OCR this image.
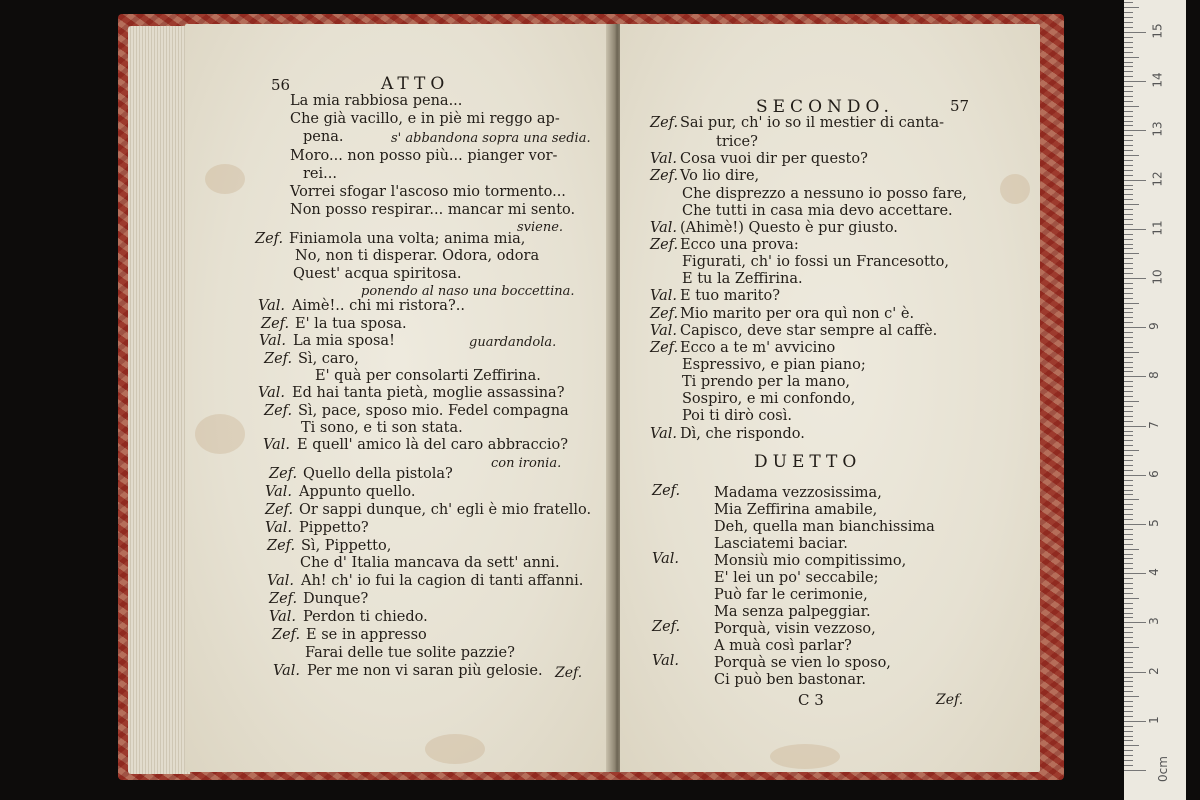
56	ATTO
La mia rabbiosa pena...
Che già vacillo, e in piè mi reggo ap-
pena.	s' abbandona sopra una sedia.
Moro... non posso più... pianger vor-
rei...
Vorrei sfogar l'ascoso mio tormento...
Non posso respirar... mancar mi sento.
sviene.
Zef. Finiamola una volta; anima mia,
No, non ti disperar. Odora, odora
Quest' acqua spiritosa.
ponendo al naso una boccettina.
Val. Aimè!.. chi mi ristora?..
Zef. E' la tua sposa.
Val. La mia sposa!	guardandola.
Zef. Sì, caro,
E' quà per consolarti Zeffirina.
Val. Ed hai tanta pietà, moglie assassina?
Zef. Sì, pace, sposo mio. Fedel compagna
Ti sono, e ti son stata.
Val. E quell' amico là del caro abbraccio?
con ironia.
Zef. Quello della pistola?
Val. Appunto quello.
Zef. Or sappi dunque, ch' egli è mio fratello.
Val. Pippetto?
Zef. Sì, Pippetto,
Che d' Italia mancava da sett' anni.
Val. Ah! ch' io fui la cagion di tanti affanni.
Zef. Dunque?
Val. Perdon ti chiedo.
Zef. E se in appresso
Farai delle tue solite pazzie?
Val. Per me non vi saran più gelosie. Zef.
SECONDO.	57
Zef. Sai pur, ch' io so il mestier di canta-
trice?
Val. Cosa vuoi dir per questo?
Zef. Vo lio dire,
Che disprezzo a nessuno io posso fare,
Che tutti in casa mia devo accettare.
Val. (Ahimè!) Questo è pur giusto.
Zef. Ecco una prova:
Figurati, ch' io fossi un Francesotto,
E tu la Zeffirina.
Val. E tuo marito?
Zef. Mio marito per ora quì non c' è.
Val. Capisco, deve star sempre al caffè.
Zef. Ecco a te m' avvicino
Espressivo, e pian piano;
Ti prendo per la mano,
Sospiro, e mi confondo,
Poi ti dirò così.
Val. Dì, che rispondo.
DUETTO
Zef. Madama vezzosissima,
Mia Zeffirina amabile,
Deh, quella man bianchissima
Lasciatemi baciar.
Val. Monsiù mio compitissimo,
E' lei un po' seccabile;
Può far le cerimonie,
Ma senza palpeggiar.
Zef. Porquà, visin vezzoso,
A muà così parlar?
Val. Porquà se vien lo sposo,
Ci può ben bastonar.
C 3	Zef.
0cm
1
2
3
4
5
6
7
8
9
10
11
12
13
14
15
